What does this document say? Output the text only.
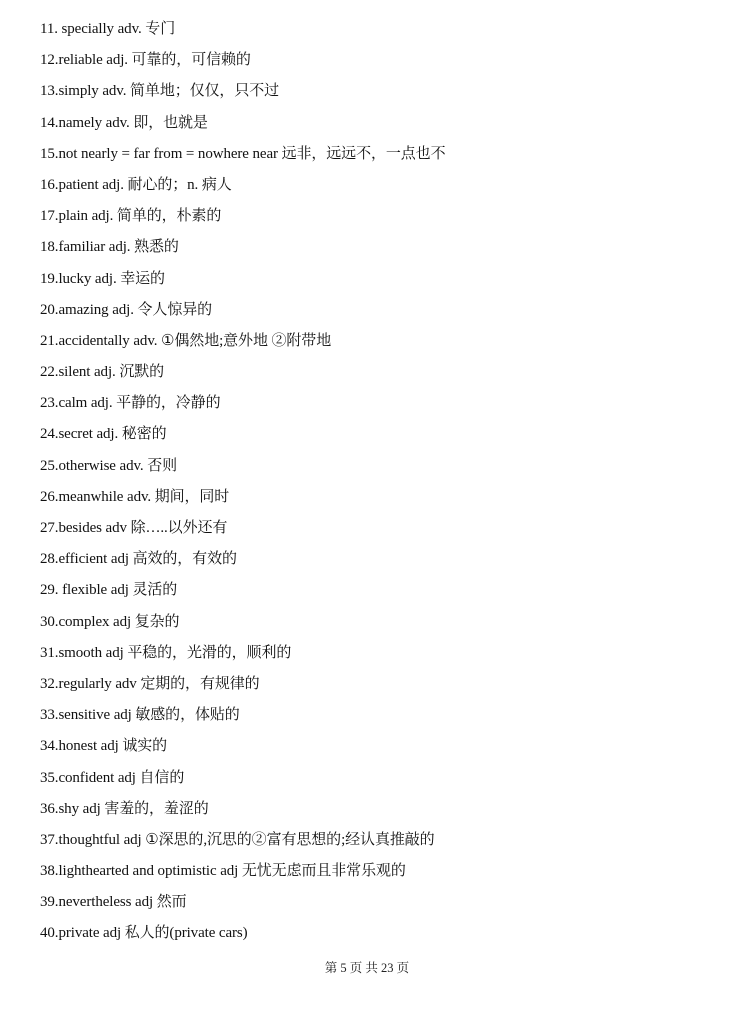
11. specially adv. 专门
12.reliable adj. 可靠的，可信赖的
13.simply adv. 简单地；仅仅，只不过
14.namely adv. 即，也就是
15.not nearly = far from = nowhere near 远非，远远不，一点也不
16.patient adj. 耐心的；n. 病人
17.plain adj. 简单的，朴素的
18.familiar adj. 熟悉的
19.lucky adj. 幸运的
20.amazing adj. 令人惊异的
21.accidentally adv. ①偶然地;意外地 ②附带地
22.silent adj. 沉默的
23.calm adj. 平静的，冷静的
24.secret adj. 秘密的
25.otherwise adv. 否则
26.meanwhile adv. 期间，同时
27.besides adv 除…..以外还有
28.efficient adj 高效的，有效的
29. flexible adj 灵活的
30.complex adj 复杂的
31.smooth adj 平稳的，光滑的，顺利的
32.regularly adv 定期的，有规律的
33.sensitive adj 敏感的，体贴的
34.honest adj 诚实的
35.confident adj 自信的
36.shy adj 害羞的，羞涩的
37.thoughtful adj ①深思的,沉思的②富有思想的;经认真推敲的
38.lighthearted and optimistic adj 无忧无虑而且非常乐观的
39.nevertheless adj 然而
40.private adj 私人的(private cars)
第 5 页 共 23 页
